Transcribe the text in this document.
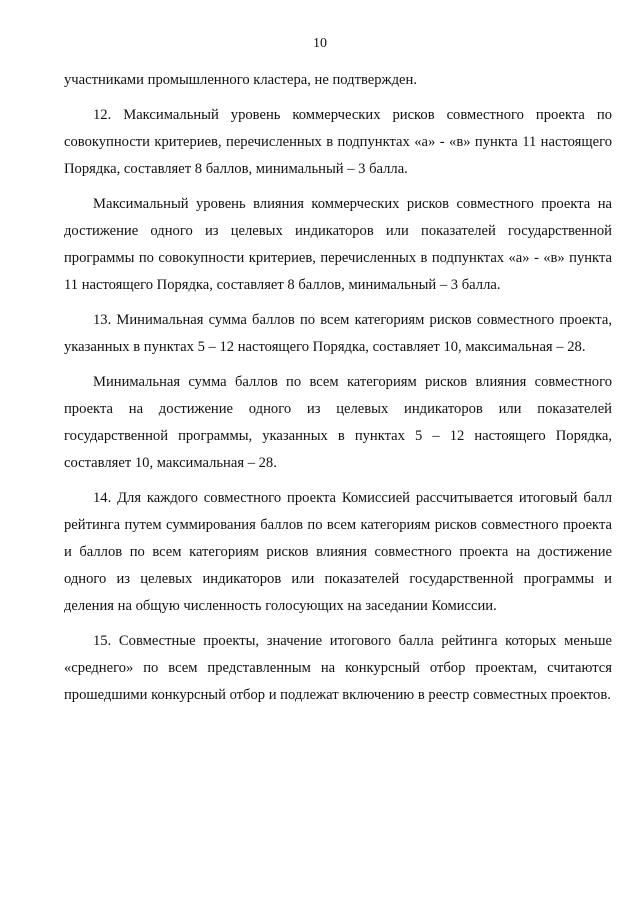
10

участниками промышленного кластера, не подтвержден.

12. Максимальный уровень коммерческих рисков совместного проекта по совокупности критериев, перечисленных в подпунктах «а» - «в» пункта 11 настоящего Порядка, составляет 8 баллов, минимальный – 3 балла.

Максимальный уровень влияния коммерческих рисков совместного проекта на достижение одного из целевых индикаторов или показателей государственной программы по совокупности критериев, перечисленных в подпунктах «а» - «в» пункта 11 настоящего Порядка, составляет 8 баллов, минимальный – 3 балла.

13. Минимальная сумма баллов по всем категориям рисков совместного проекта, указанных в пунктах 5 – 12 настоящего Порядка, составляет 10, максимальная – 28.

Минимальная сумма баллов по всем категориям рисков влияния совместного проекта на достижение одного из целевых индикаторов или показателей государственной программы, указанных в пунктах 5 – 12 настоящего Порядка, составляет 10, максимальная – 28.

14. Для каждого совместного проекта Комиссией рассчитывается итоговый балл рейтинга путем суммирования баллов по всем категориям рисков совместного проекта и баллов по всем категориям рисков влияния совместного проекта на достижение одного из целевых индикаторов или показателей государственной программы и деления на общую численность голосующих на заседании Комиссии.

15. Совместные проекты, значение итогового балла рейтинга которых меньше «среднего» по всем представленным на конкурсный отбор проектам, считаются прошедшими конкурсный отбор и подлежат включению в реестр совместных проектов.
